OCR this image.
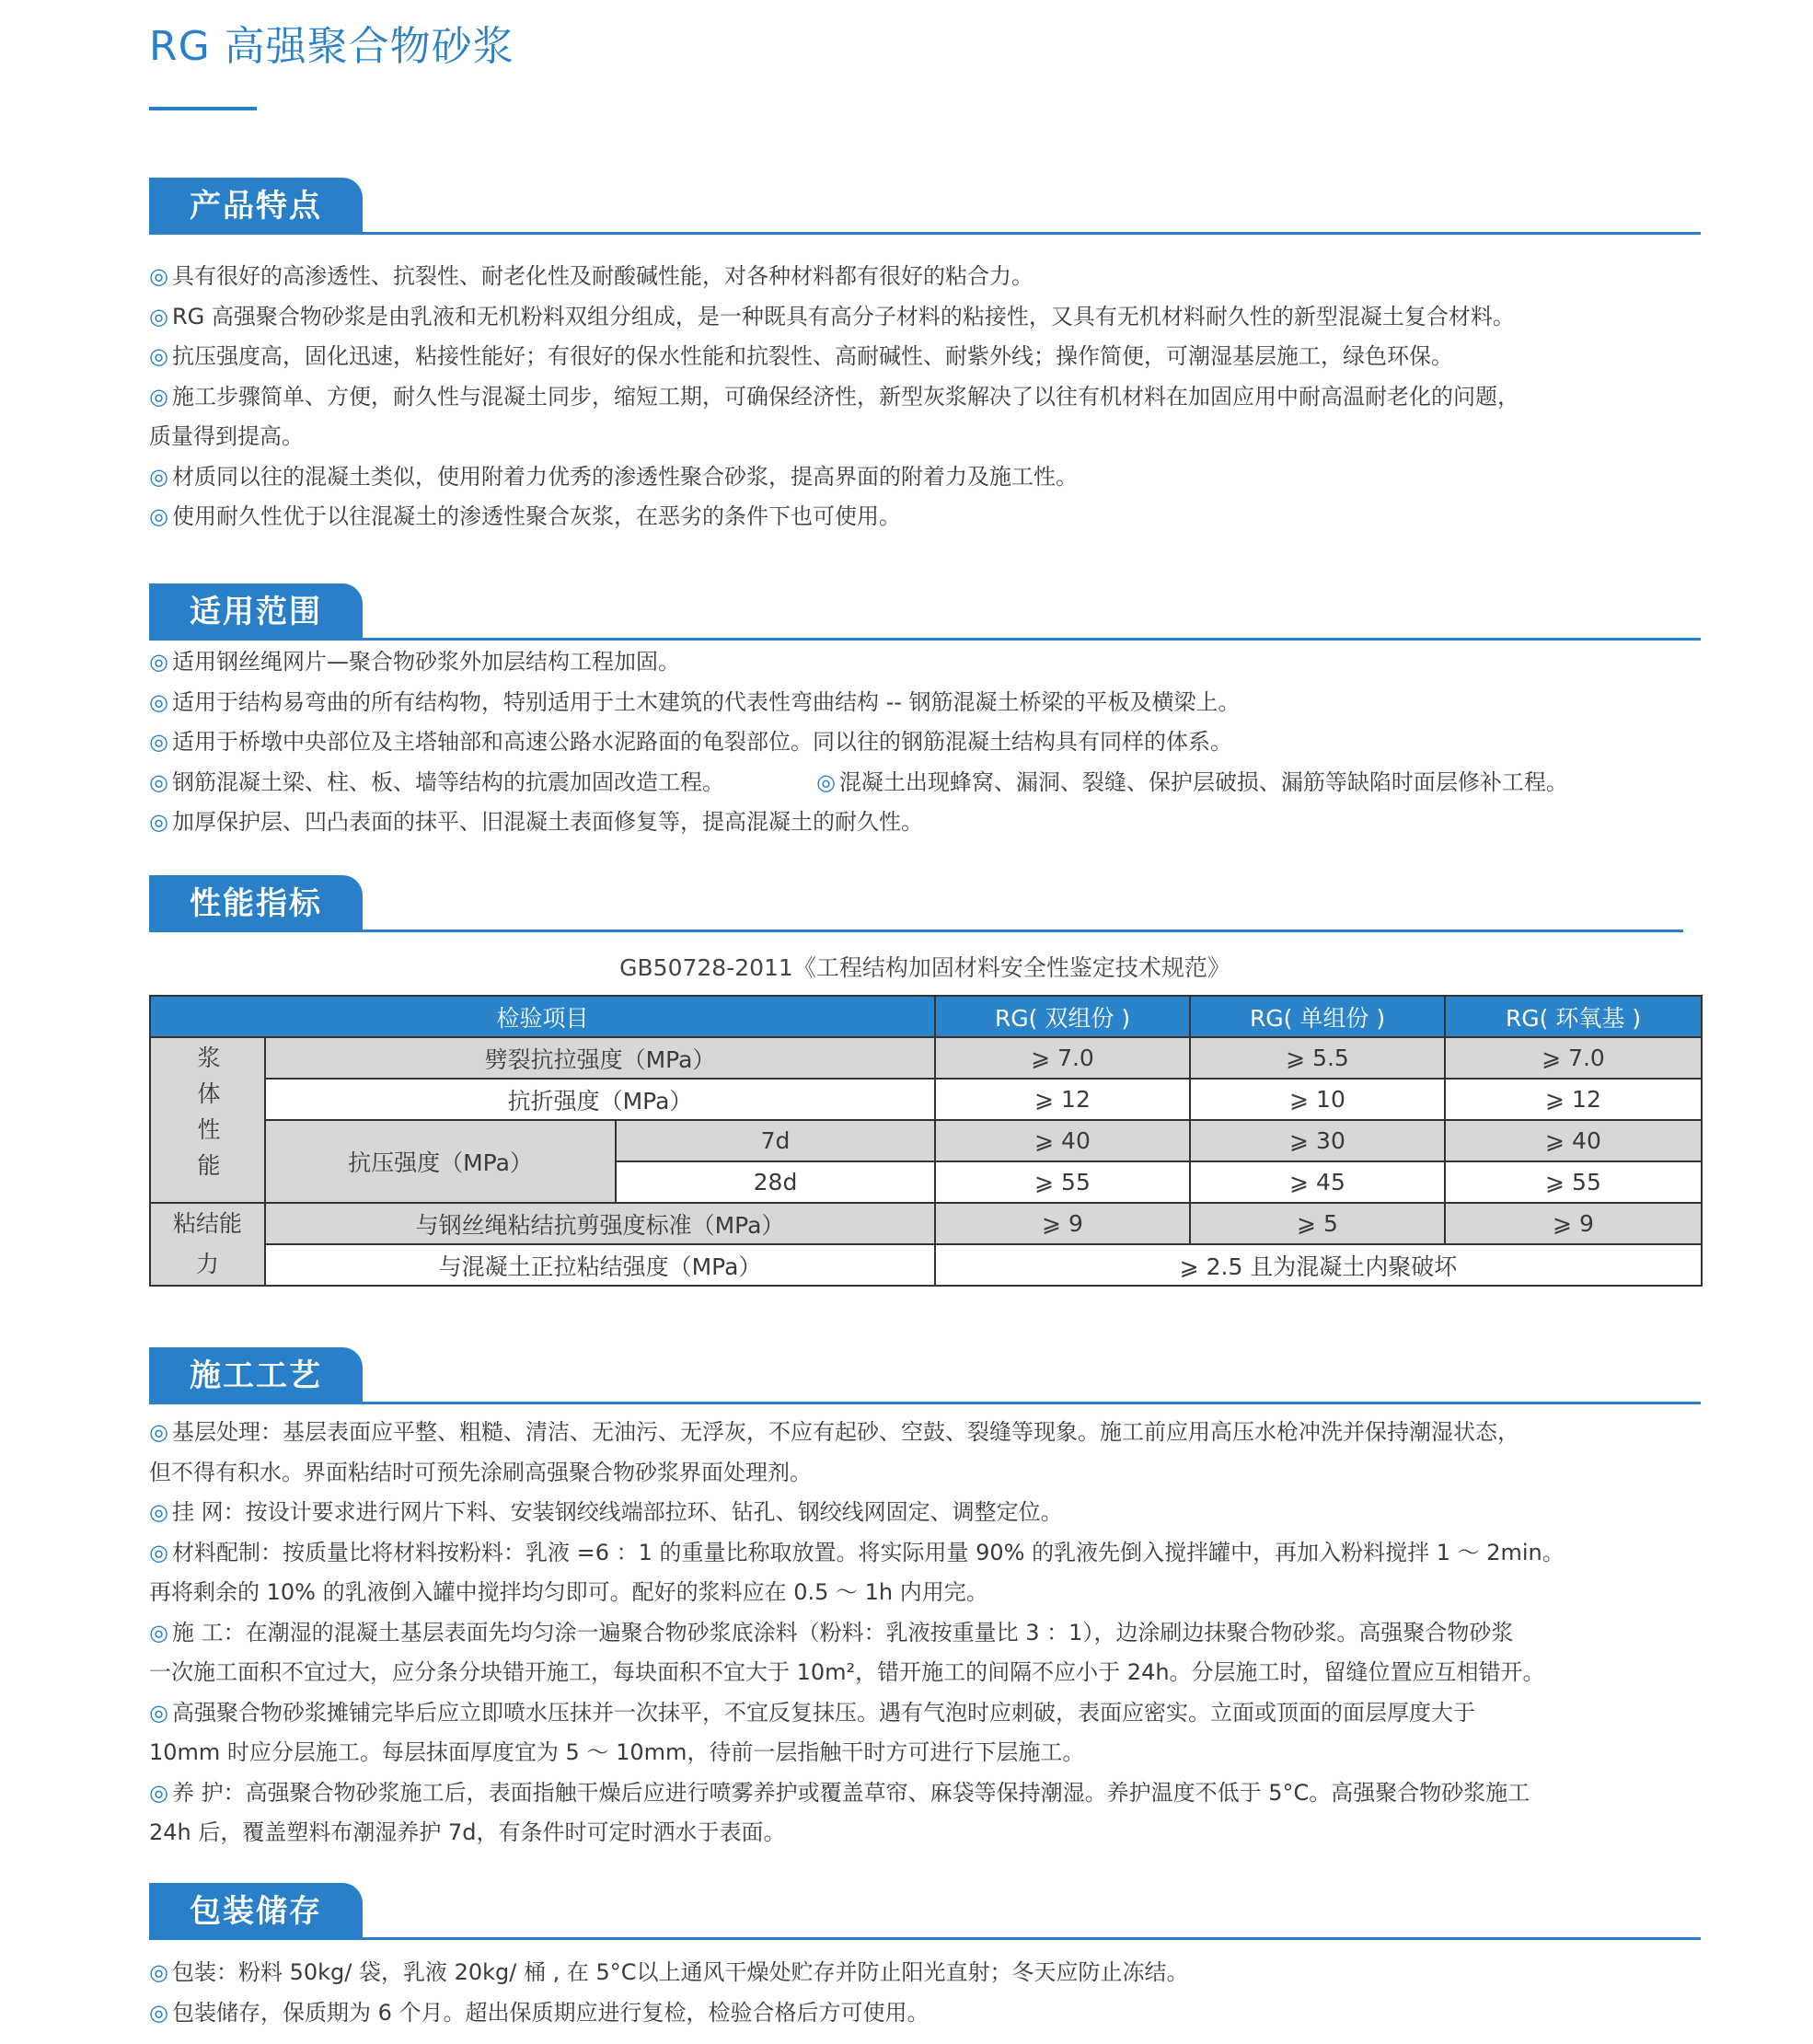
RG 高强聚合物砂浆
产品特点
◎ 具有很好的高渗透性、抗裂性、耐老化性及耐酸碱性能，对各种材料都有很好的粘合力。
◎ RG 高强聚合物砂浆是由乳液和无机粉料双组分组成，是一种既具有高分子材料的粘接性，又具有无机材料耐久性的新型混凝土复合材料。
◎ 抗压强度高，固化迅速，粘接性能好；有很好的保水性能和抗裂性、高耐碱性、耐紫外线；操作简便，可潮湿基层施工，绿色环保。
◎ 施工步骤简单、方便，耐久性与混凝土同步，缩短工期，可确保经济性，新型灰浆解决了以往有机材料在加固应用中耐高温耐老化的问题，
质量得到提高。
◎ 材质同以往的混凝土类似，使用附着力优秀的渗透性聚合砂浆，提高界面的附着力及施工性。
◎ 使用耐久性优于以往混凝土的渗透性聚合灰浆，在恶劣的条件下也可使用。
适用范围
◎ 适用钢丝绳网片—聚合物砂浆外加层结构工程加固。
◎ 适用于结构易弯曲的所有结构物，特别适用于土木建筑的代表性弯曲结构 -- 钢筋混凝土桥梁的平板及横梁上。
◎ 适用于桥墩中央部位及主塔轴部和高速公路水泥路面的龟裂部位。同以往的钢筋混凝土结构具有同样的体系。
◎ 钢筋混凝土梁、柱、板、墙等结构的抗震加固改造工程。	◎ 混凝土出现蜂窝、漏洞、裂缝、保护层破损、漏筋等缺陷时面层修补工程。
◎ 加厚保护层、凹凸表面的抹平、旧混凝土表面修复等，提高混凝土的耐久性。
性能指标
GB50728-2011《工程结构加固材料安全性鉴定技术规范》
检验项目			RG( 双组份 )	RG( 单组份 )	RG( 环氧基 )
浆体性能	劈裂抗拉强度（MPa）		⩾ 7.0	⩾ 5.5	⩾ 7.0
	抗折强度（MPa）		⩾ 12	⩾ 10	⩾ 12
	抗压强度（MPa）	7d	⩾ 40	⩾ 30	⩾ 40
		28d	⩾ 55	⩾ 45	⩾ 55

粘结能
力	与钢丝绳粘结抗剪强度标准（MPa）		⩾ 9	⩾ 5	⩾ 9
	与混凝土正拉粘结强度（MPa）		⩾ 2.5 且为混凝土内聚破坏		
施工工艺
◎ 基层处理：基层表面应平整、粗糙、清洁、无油污、无浮灰，不应有起砂、空鼓、裂缝等现象。施工前应用高压水枪冲洗并保持潮湿状态，
但不得有积水。界面粘结时可预先涂刷高强聚合物砂浆界面处理剂。
◎ 挂 网：按设计要求进行网片下料、安装钢绞线端部拉环、钻孔、钢绞线网固定、调整定位。
◎ 材料配制：按质量比将材料按粉料：乳液 =6 ：1 的重量比称取放置。将实际用量 90% 的乳液先倒入搅拌罐中，再加入粉料搅拌 1 ～ 2min。
再将剩余的 10% 的乳液倒入罐中搅拌均匀即可。配好的浆料应在 0.5 ～ 1h 内用完。
◎ 施 工：在潮湿的混凝土基层表面先均匀涂一遍聚合物砂浆底涂料（粉料：乳液按重量比 3 ：1），边涂刷边抹聚合物砂浆。高强聚合物砂浆
一次施工面积不宜过大，应分条分块错开施工，每块面积不宜大于 10m²，错开施工的间隔不应小于 24h。分层施工时，留缝位置应互相错开。
◎ 高强聚合物砂浆摊铺完毕后应立即喷水压抹并一次抹平，不宜反复抹压。遇有气泡时应刺破，表面应密实。立面或顶面的面层厚度大于
10mm 时应分层施工。每层抹面厚度宜为 5 ～ 10mm，待前一层指触干时方可进行下层施工。
◎ 养 护：高强聚合物砂浆施工后，表面指触干燥后应进行喷雾养护或覆盖草帘、麻袋等保持潮湿。养护温度不低于 5°C。高强聚合物砂浆施工
24h 后，覆盖塑料布潮湿养护 7d，有条件时可定时洒水于表面。
包装储存
◎ 包装：粉料 50kg/ 袋，乳液 20kg/ 桶 , 在 5°C以上通风干燥处贮存并防止阳光直射；冬天应防止冻结。
◎ 包装储存，保质期为 6 个月。超出保质期应进行复检，检验合格后方可使用。
